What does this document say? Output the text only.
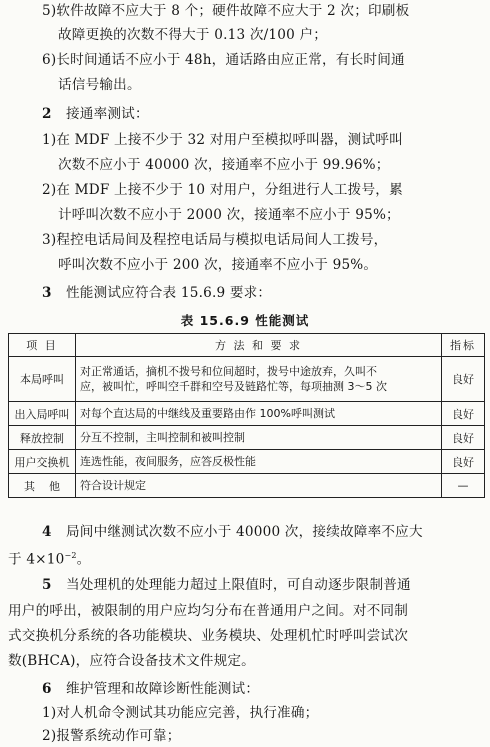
5)软件故障不应大于 8 个；硬件故障不应大于 2 次；印刷板
故障更换的次数不得大于 0.13 次/100 户；
6)长时间通话不应小于 48h，通话路由应正常，有长时间通
话信号输出。
2 接通率测试：
1)在 MDF 上接不少于 32 对用户至模拟呼叫器，测试呼叫
次数不应小于 40000 次，接通率不应小于 99.96%；
2)在 MDF 上接不少于 10 对用户，分组进行人工拨号，累
计呼叫次数不应小于 2000 次，接通率不应小于 95%；
3)程控电话局间及程控电话局与模拟电话局间人工拨号，
呼叫次数不应小于 200 次，接通率不应小于 95%。
3 性能测试应符合表 15.6.9 要求：
表 15.6.9 性能测试
项 目	方 法 和 要 求	指标
本局呼叫	对正常通话，摘机不拨号和位间超时，拨号中途放弃，久叫不
应，被叫忙，呼叫空千群和空号及链路忙等，每项抽测 3～5 次	良好
出入局呼叫	对每个直达局的中继线及重要路由作 100%呼叫测试	良好
释放控制	分互不控制，主叫控制和被叫控制	良好
用户交换机	连选性能，夜间服务，应答反极性能	良好
其    他	符合设计规定	—
4 局间中继测试次数不应小于 40000 次，接续故障率不应大
于 $4\times 10^{-2}$。
5 当处理机的处理能力超过上限值时，可自动逐步限制普通
用户的呼出，被限制的用户应均匀分布在普通用户之间。对不同制
式交换机分系统的各功能模块、业务模块、处理机忙时呼叫尝试次
数(BHCA)，应符合设备技术文件规定。
6 维护管理和故障诊断性能测试：
1)对人机命令测试其功能应完善，执行准确；
2)报警系统动作可靠；
